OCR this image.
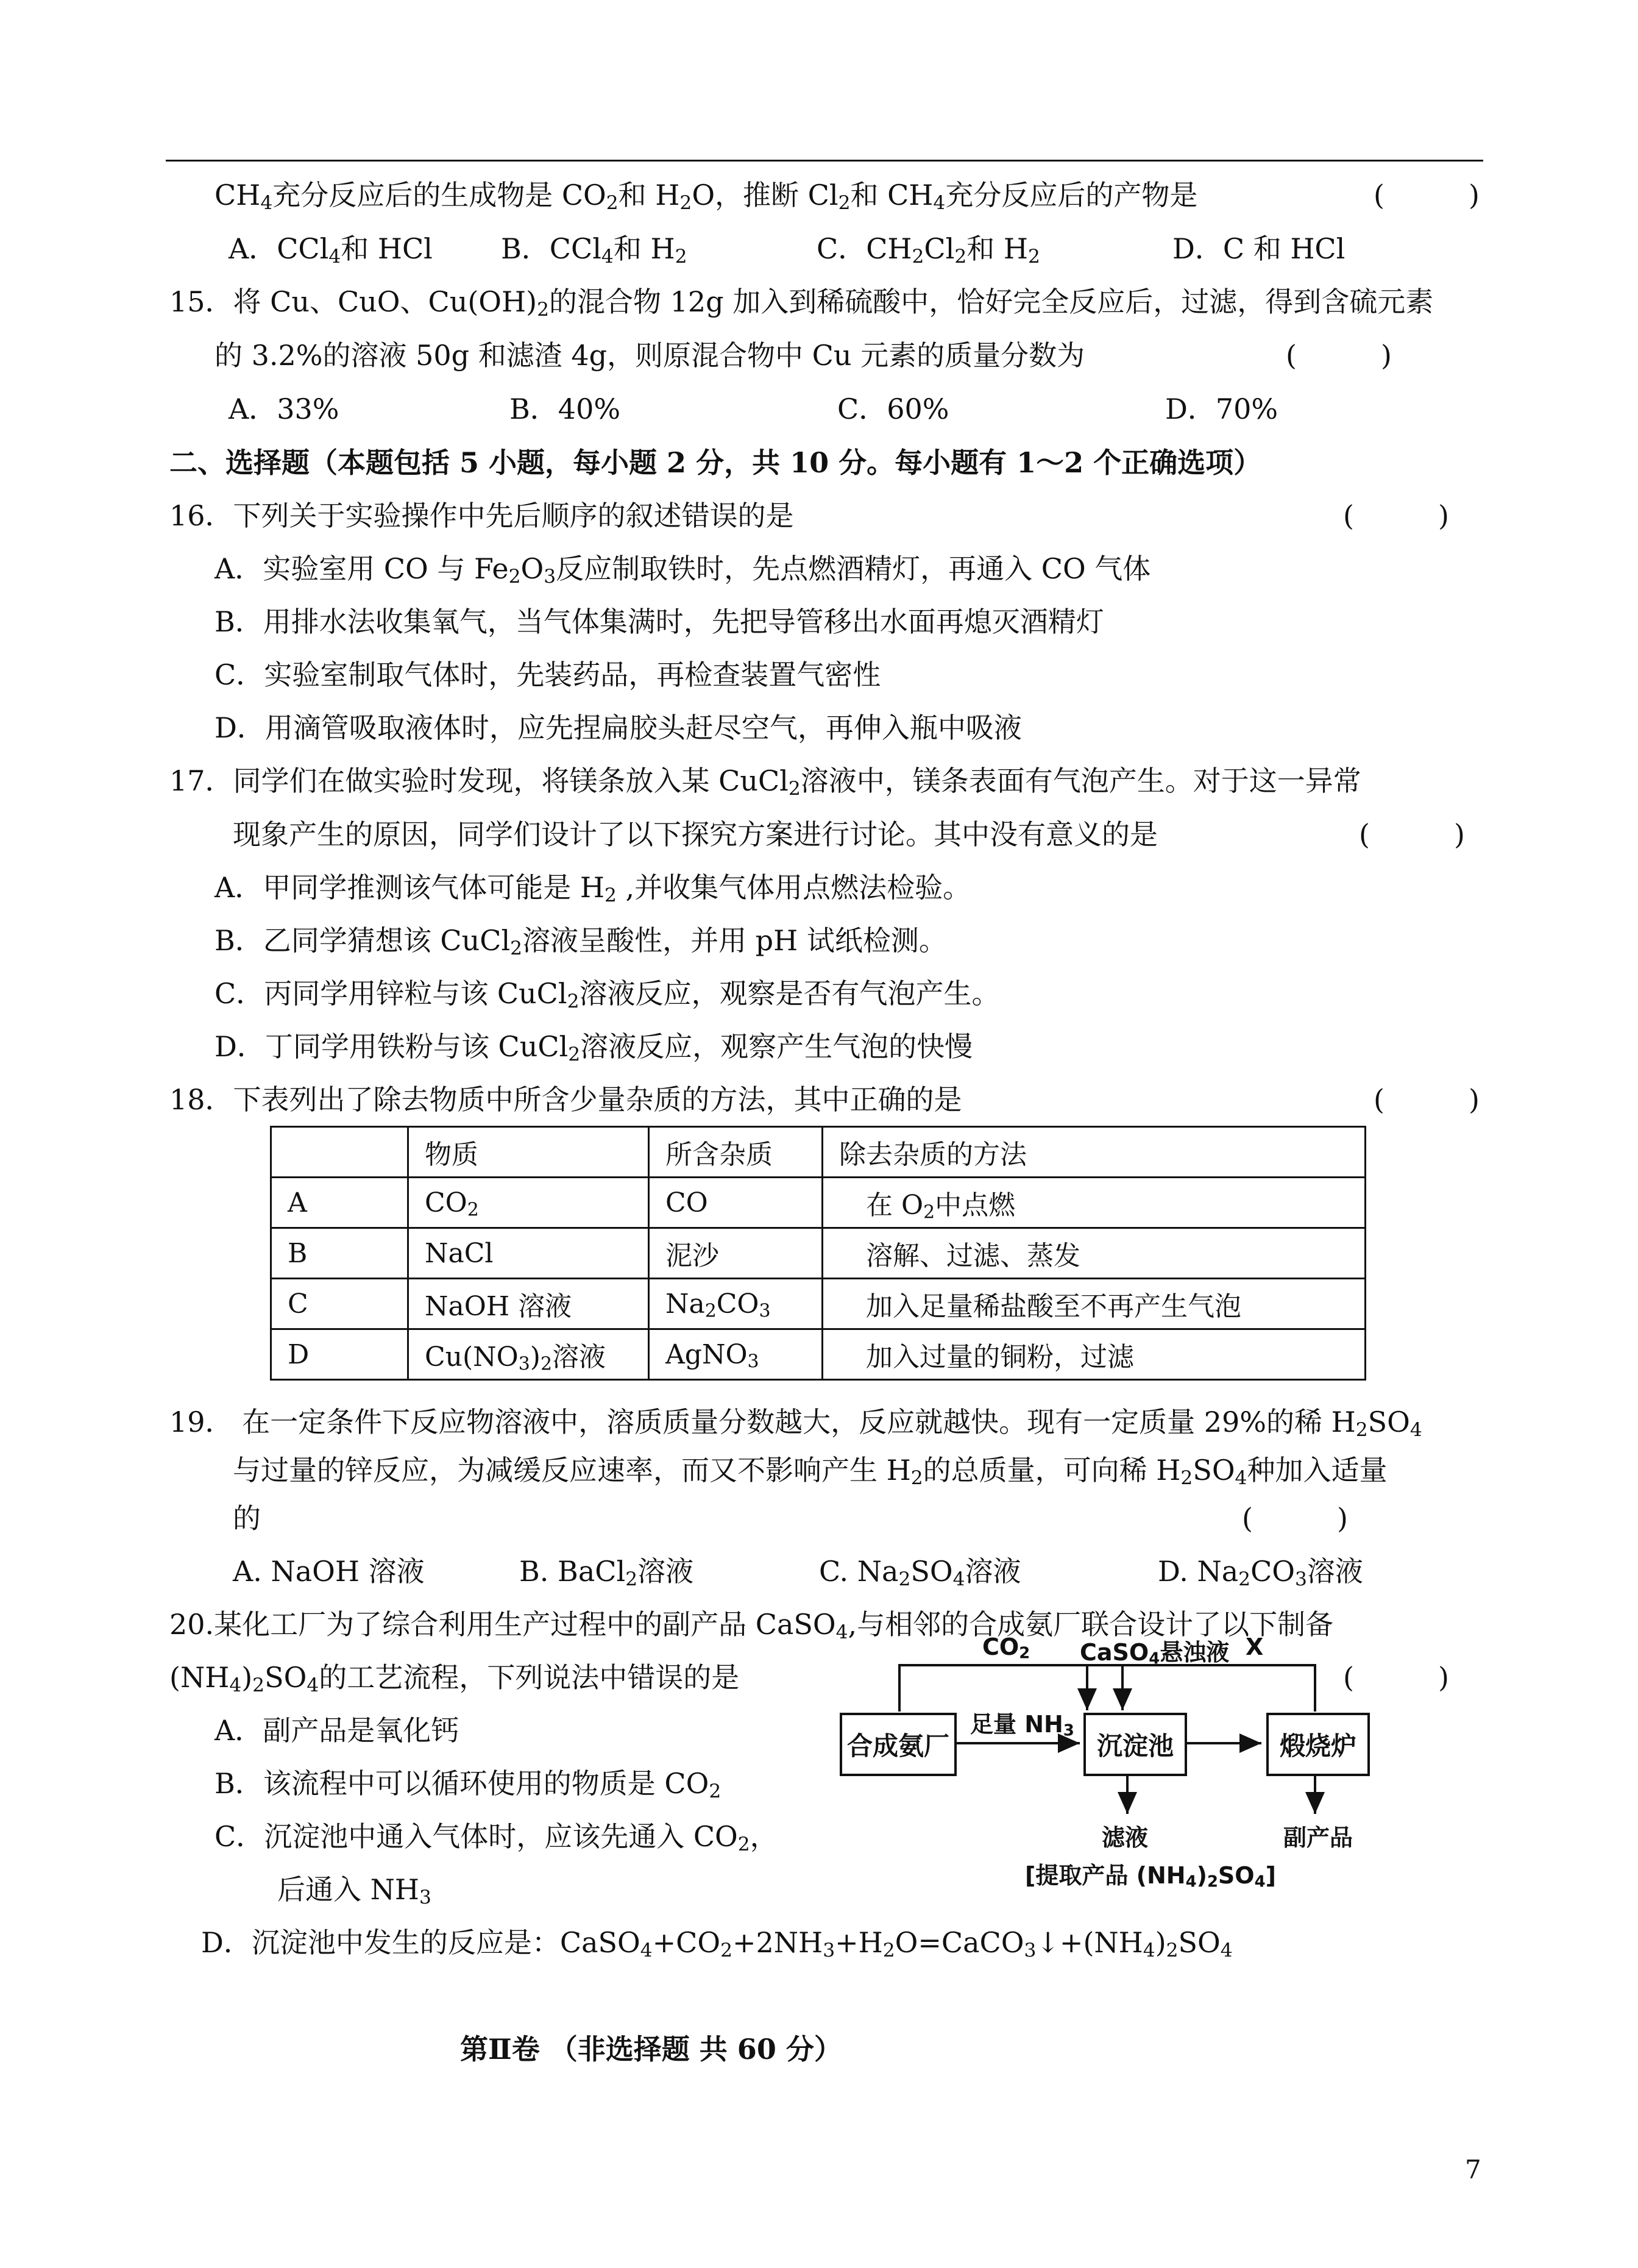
$CH_4$充分反应后的生成物是 $CO_2$和 $H_2O$，推断 $Cl_2$和 $CH_4$充分反应后的产物是	(　　　)
A．CCl$_4$和 HCl B．CCl$_4$和 $H_2$	C．$CH_2Cl_2$和 $H_2$	D．C 和 HCl
15．将 Cu、CuO、$Cu(OH)_2$的混合物 12g 加入到稀硫酸中，恰好完全反应后，过滤，得到含硫元素
的 3.2%的溶液 50g 和滤渣 4g，则原混合物中 Cu 元素的质量分数为	(　　　)
A．33%	B．40%	C．60%	D．70%
二、选择题（本题包括 5 小题，每小题 2 分，共 10 分。每小题有 1～2 个正确选项）
16．下列关于实验操作中先后顺序的叙述错误的是	(　　　)
A．实验室用 CO 与 $Fe_2O_3$反应制取铁时，先点燃酒精灯，再通入 CO 气体
B．用排水法收集氧气，当气体集满时，先把导管移出水面再熄灭酒精灯
C．实验室制取气体时，先装药品，再检查装置气密性
D．用滴管吸取液体时，应先捏扁胶头赶尽空气，再伸入瓶中吸液
17．同学们在做实验时发现，将镁条放入某 CuCl$_2$溶液中，镁条表面有气泡产生。对于这一异常
现象产生的原因，同学们设计了以下探究方案进行讨论。其中没有意义的是	(　　　)
A．甲同学推测该气体可能是 $H_2$ ,并收集气体用点燃法检验。
B．乙同学猜想该 CuCl$_2$溶液呈酸性，并用 pH 试纸检测。
C．丙同学用锌粒与该 CuCl$_2$溶液反应，观察是否有气泡产生。
D．丁同学用铁粉与该 CuCl$_2$溶液反应，观察产生气泡的快慢
18．下表列出了除去物质中所含少量杂质的方法，其中正确的是	(　　　)
	物质	所含杂质	除去杂质的方法
A	$CO_2$	CO	在 $O_2$中点燃
B	NaCl	泥沙	溶解、过滤、蒸发
C	NaOH 溶液	$Na_2CO_3$	加入足量稀盐酸至不再产生气泡
D	$Cu(NO_3)_2$溶液	AgNO$_3$	加入过量的铜粉，过滤
19． 在一定条件下反应物溶液中，溶质质量分数越大，反应就越快。现有一定质量 29%的稀 $H_2SO_4$
与过量的锌反应，为减缓反应速率，而又不影响产生 $H_2$的总质量，可向稀 $H_2SO_4$种加入适量
的	(　　　)
A. NaOH 溶液	B. BaCl$_2$溶液	C. $Na_2SO_4$溶液	D. $Na_2CO_3$溶液
20.某化工厂为了综合利用生产过程中的副产品 CaSO$_4$,与相邻的合成氨厂联合设计了以下制备
$(NH_4)_2SO_4$的工艺流程，下列说法中错误的是	(　　　)
A．副产品是氧化钙
B．该流程中可以循环使用的物质是 $CO_2$
C．沉淀池中通入气体时，应该先通入 $CO_2$，
后通入 $NH_3$
D．沉淀池中发生的反应是：$CaSO_4+CO_2+2NH_3+H_2O=CaCO_3↓+(NH_4)_2SO_4$
$CO_2$ CaSO$_4$悬浊液 X
合成氨厂
足量 $NH_3$
沉淀池	煅烧炉
滤液
[提取产品 $(NH_4)_2SO_4$]
副产品
第Ⅱ卷 （非选择题 共 60 分）
7
